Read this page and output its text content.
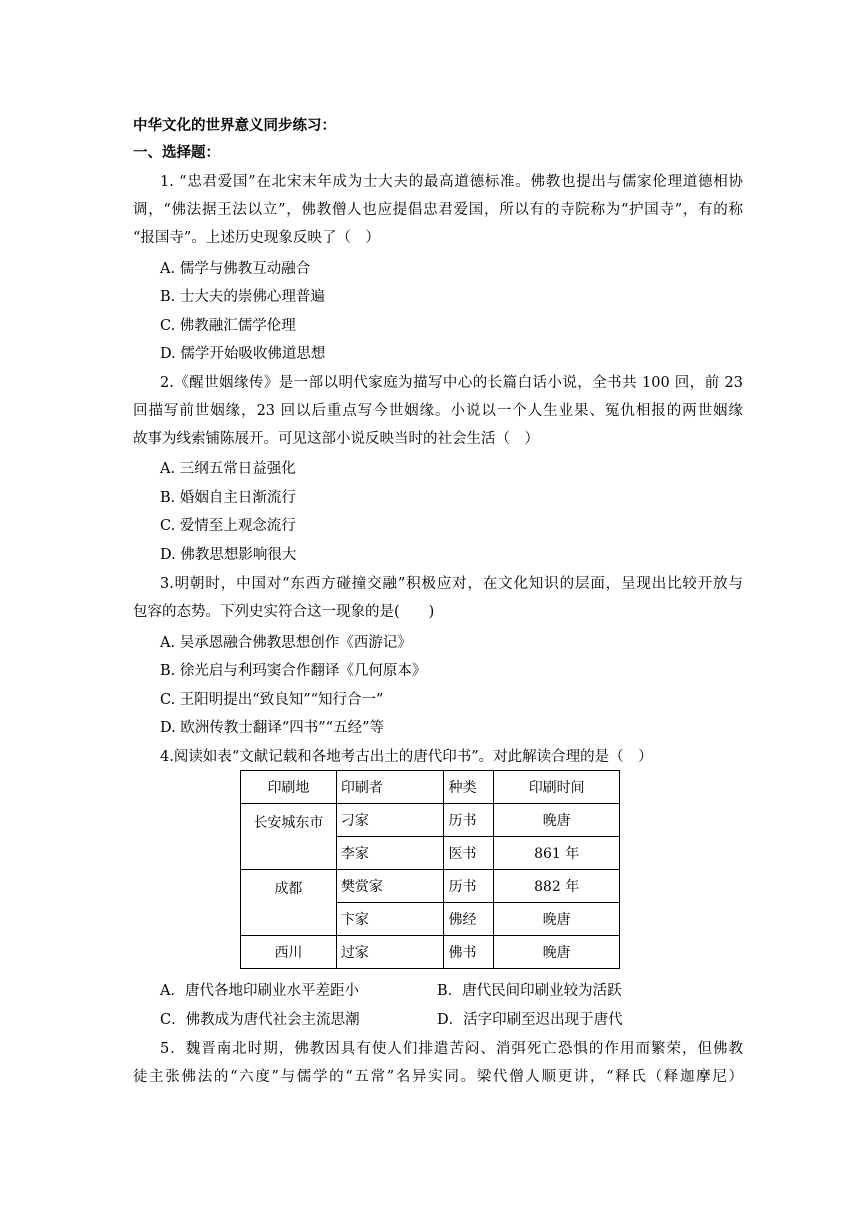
中华文化的世界意义同步练习：
一、选择题：
1. “忠君爱国”在北宋末年成为士大夫的最高道德标准。佛教也提出与儒家伦理道德相协
调，“佛法据王法以立”，佛教僧人也应提倡忠君爱国，所以有的寺院称为“护国寺”，有的称
“报国寺”。上述历史现象反映了（　）
A. 儒学与佛教互动融合
B. 士大夫的崇佛心理普遍
C. 佛教融汇儒学伦理
D. 儒学开始吸收佛道思想
2.《醒世姻缘传》是一部以明代家庭为描写中心的长篇白话小说，全书共 100 回，前 23
回描写前世姻缘，23 回以后重点写今世姻缘。小说以一个人生业果、冤仇相报的两世姻缘
故事为线索铺陈展开。可见这部小说反映当时的社会生活（　）
A. 三纲五常日益强化
B. 婚姻自主日渐流行
C. 爱情至上观念流行
D. 佛教思想影响很大
3.明朝时，中国对“东西方碰撞交融”积极应对，在文化知识的层面，呈现出比较开放与
包容的态势。下列史实符合这一现象的是(　　)
A. 吴承恩融合佛教思想创作《西游记》
B. 徐光启与利玛窦合作翻译《几何原本》
C. 王阳明提出“致良知”“知行合一”
D. 欧洲传教士翻译“四书”“五经”等
4.阅读如表“文献记载和各地考古出土的唐代印书”。对此解读合理的是（　）
印刷地	印刷者	种类	印刷时间
长安城东市	刁家	历书	晚唐
	李家	医书	861 年
成都	樊赏家	历书	882 年
	卞家	佛经	晚唐
西川	过家	佛书	晚唐
A．唐代各地印刷业水平差距小	B．唐代民间印刷业较为活跃
C．佛教成为唐代社会主流思潮	D．活字印刷至迟出现于唐代
5．魏晋南北时期，佛教因具有使人们排遣苦闷、消弭死亡恐惧的作用而繁荣，但佛教
徒主张佛法的“六度”与儒学的“五常”名异实同。梁代僧人顺更讲，“释氏（释迦摩尼）
